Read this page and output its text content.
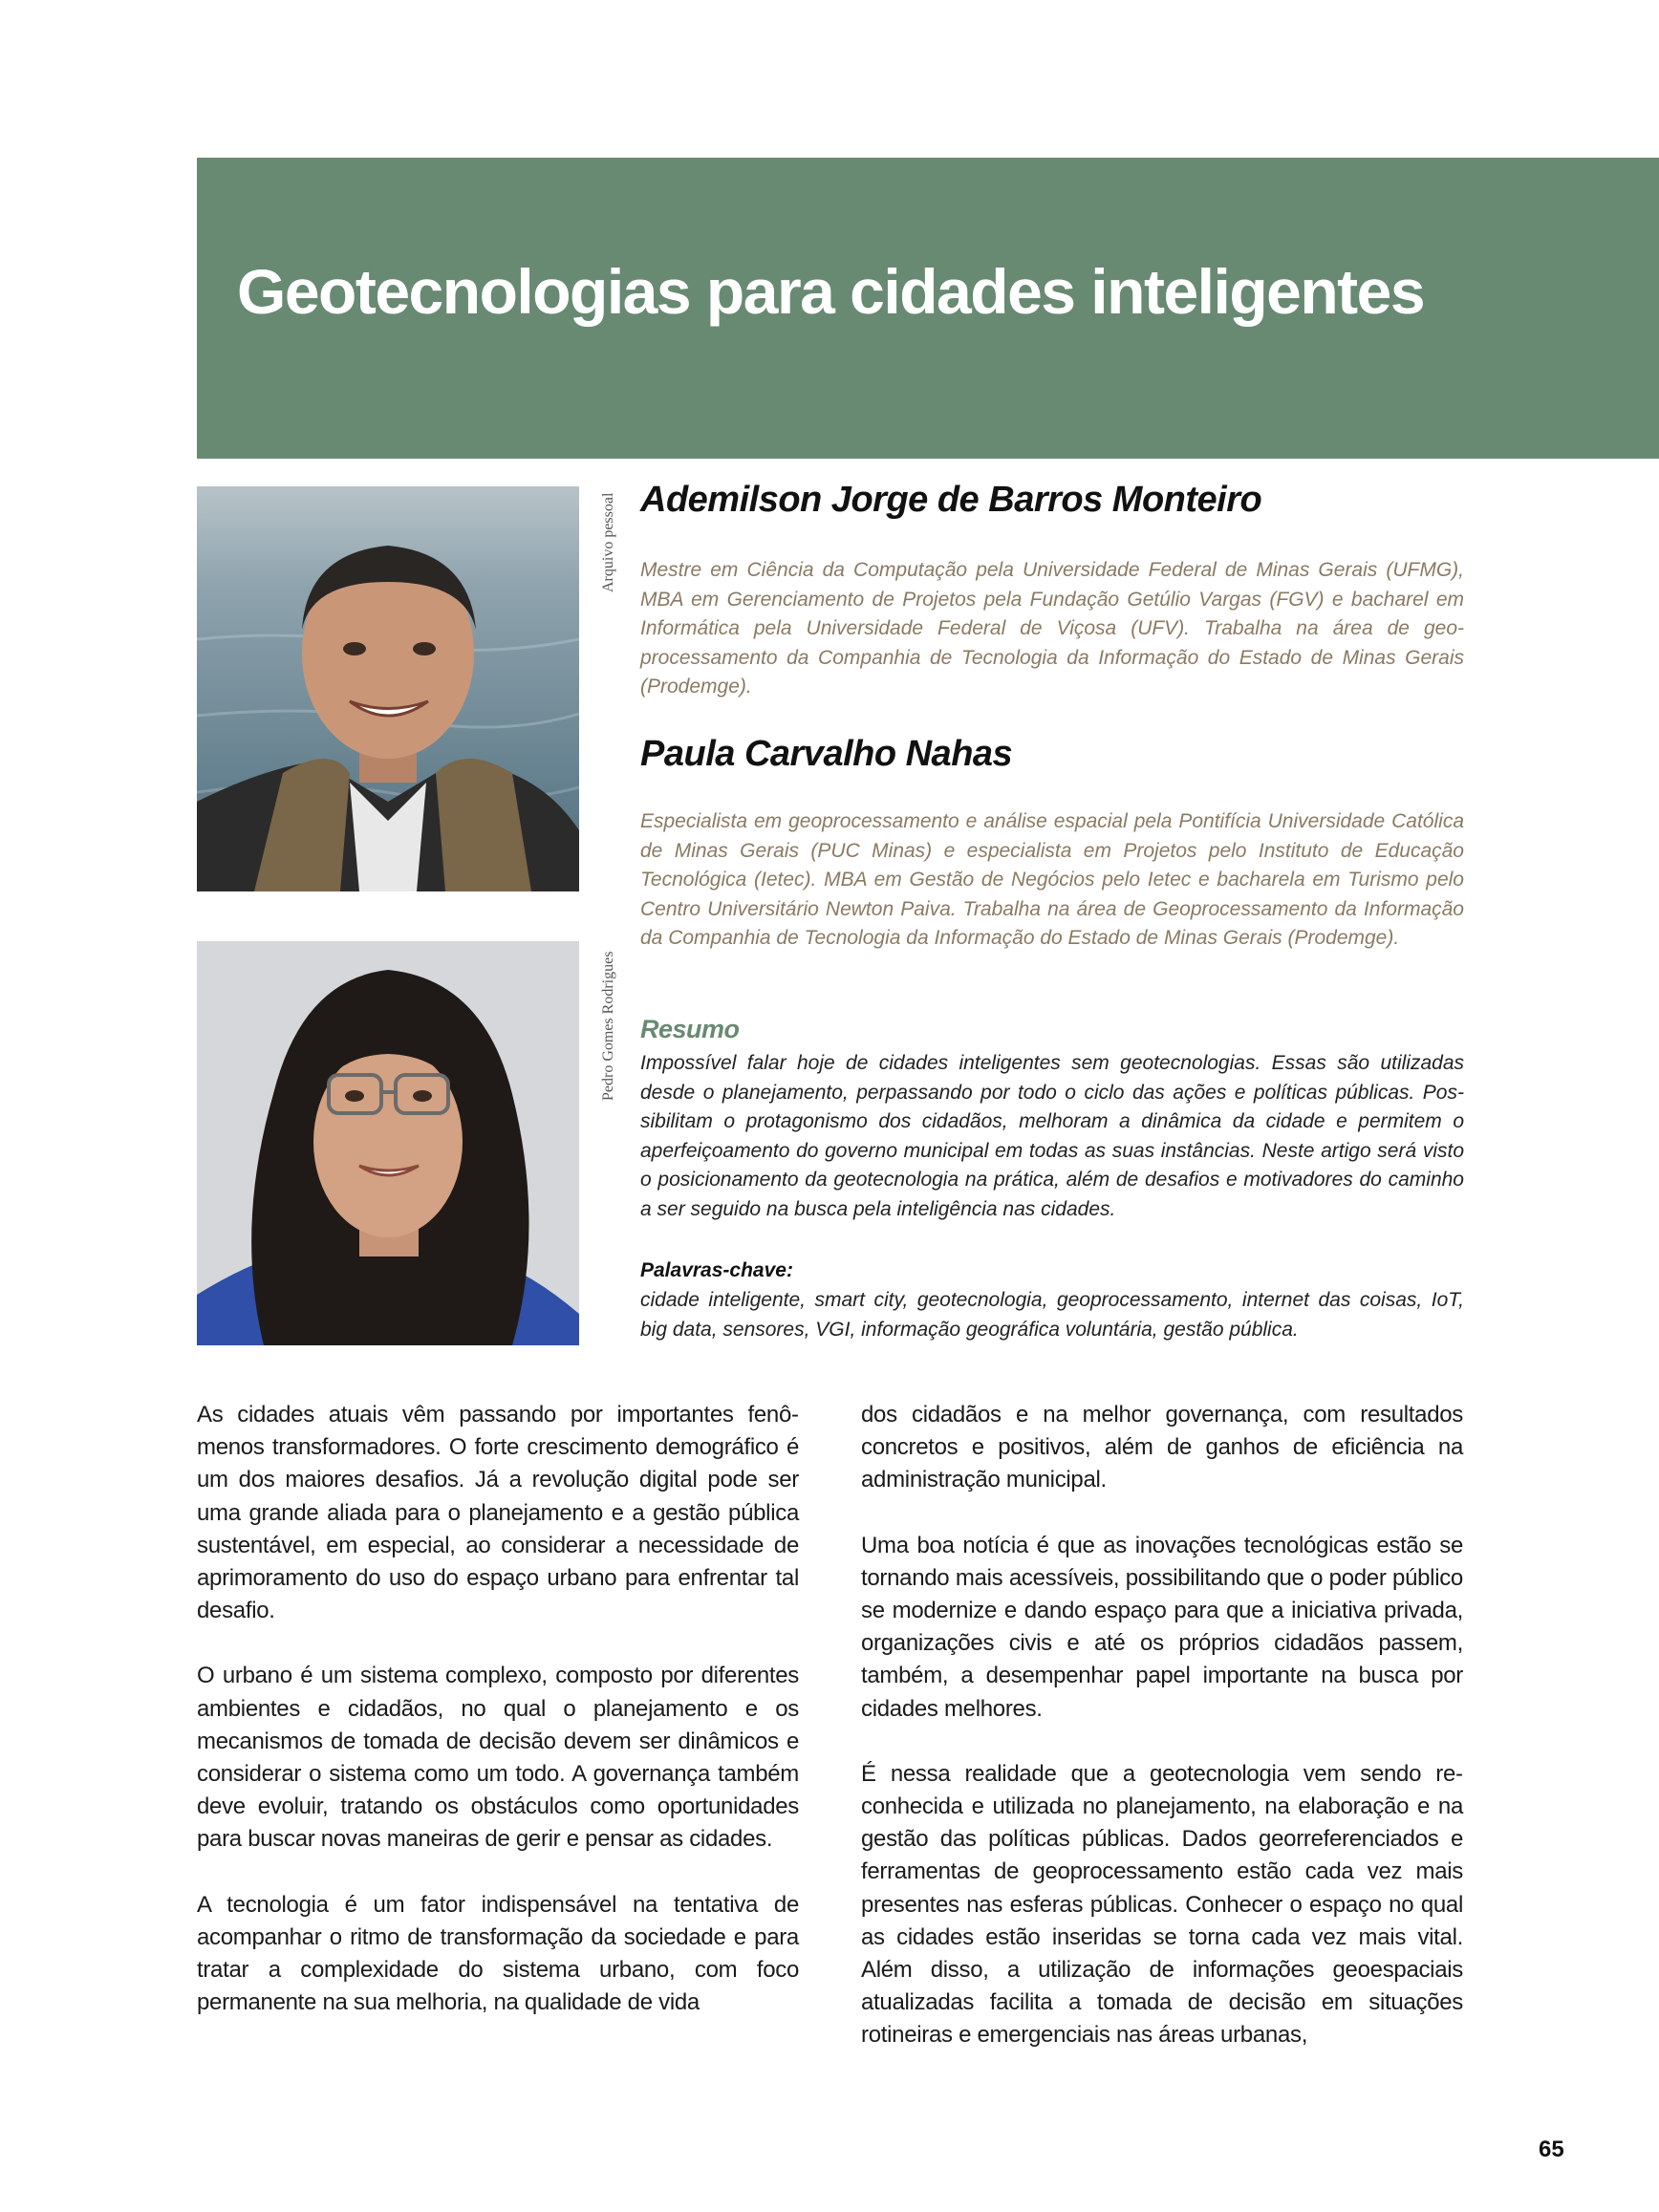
Geotecnologias para cidades inteligentes
Arquivo pessoal
Pedro Gomes Rodrigues
Ademilson Jorge de Barros Monteiro

Mestre em Ciência da Computação pela Universidade Federal de Minas Gerais (UFMG), MBA em Gerenciamento de Projetos pela Fundação Getúlio Vargas (FGV) e bacharel em Informática pela Universidade Federal de Viçosa (UFV). Trabalha na área de geoprocessamento da Companhia de Tecnologia da Informação do Estado de Minas Gerais (Prodemge).

Paula Carvalho Nahas

Especialista em geoprocessamento e análise espacial pela Pontifícia Universidade Católica de Minas Gerais (PUC Minas) e especialista em Projetos pelo Instituto de Educação Tecnológica (Ietec). MBA em Gestão de Negócios pelo Ietec e bacharela em Turismo pelo Centro Universitário Newton Paiva. Trabalha na área de Geoprocessamento da Informação da Companhia de Tecnologia da Informação do Estado de Minas Gerais (Prodemge).

Resumo

Impossível falar hoje de cidades inteligentes sem geotecnologias. Essas são utilizadas desde o planejamento, perpassando por todo o ciclo das ações e políticas públicas. Possibilitam o protagonismo dos cidadãos, melhoram a dinâmica da cidade e permitem o aperfeiçoamento do governo municipal em todas as suas instâncias. Neste artigo será visto o posicionamento da geotecnologia na prática, além de desafios e motivadores do caminho a ser seguido na busca pela inteligência nas cidades.

Palavras-chave:

cidade inteligente, smart city, geotecnologia, geoprocessamento, internet das coisas, IoT, big data, sensores, VGI, informação geográfica voluntária, gestão pública.

As cidades atuais vêm passando por importantes fenômenos transformadores. O forte crescimento demográfico é um dos maiores desafios. Já a revolução digital pode ser uma grande aliada para o planejamento e a gestão pública sustentável, em especial, ao considerar a necessidade de aprimoramento do uso do espaço urbano para enfrentar tal desafio.

O urbano é um sistema complexo, composto por diferentes ambientes e cidadãos, no qual o planejamento e os mecanismos de tomada de decisão devem ser dinâmicos e considerar o sistema como um todo. A governança também deve evoluir, tratando os obstáculos como oportunidades para buscar novas maneiras de gerir e pensar as cidades.

A tecnologia é um fator indispensável na tentativa de acompanhar o ritmo de transformação da sociedade e para tratar a complexidade do sistema urbano, com foco permanente na sua melhoria, na qualidade de vida

dos cidadãos e na melhor governança, com resultados concretos e positivos, além de ganhos de eficiência na administração municipal.

Uma boa notícia é que as inovações tecnológicas estão se tornando mais acessíveis, possibilitando que o poder público se modernize e dando espaço para que a iniciativa privada, organizações civis e até os próprios cidadãos passem, também, a desempenhar papel importante na busca por cidades melhores.

É nessa realidade que a geotecnologia vem sendo reconhecida e utilizada no planejamento, na elaboração e na gestão das políticas públicas. Dados georreferenciados e ferramentas de geoprocessamento estão cada vez mais presentes nas esferas públicas. Conhecer o espaço no qual as cidades estão inseridas se torna cada vez mais vital. Além disso, a utilização de informações geoespaciais atualizadas facilita a tomada de decisão em situações rotineiras e emergenciais nas áreas urbanas,

65
